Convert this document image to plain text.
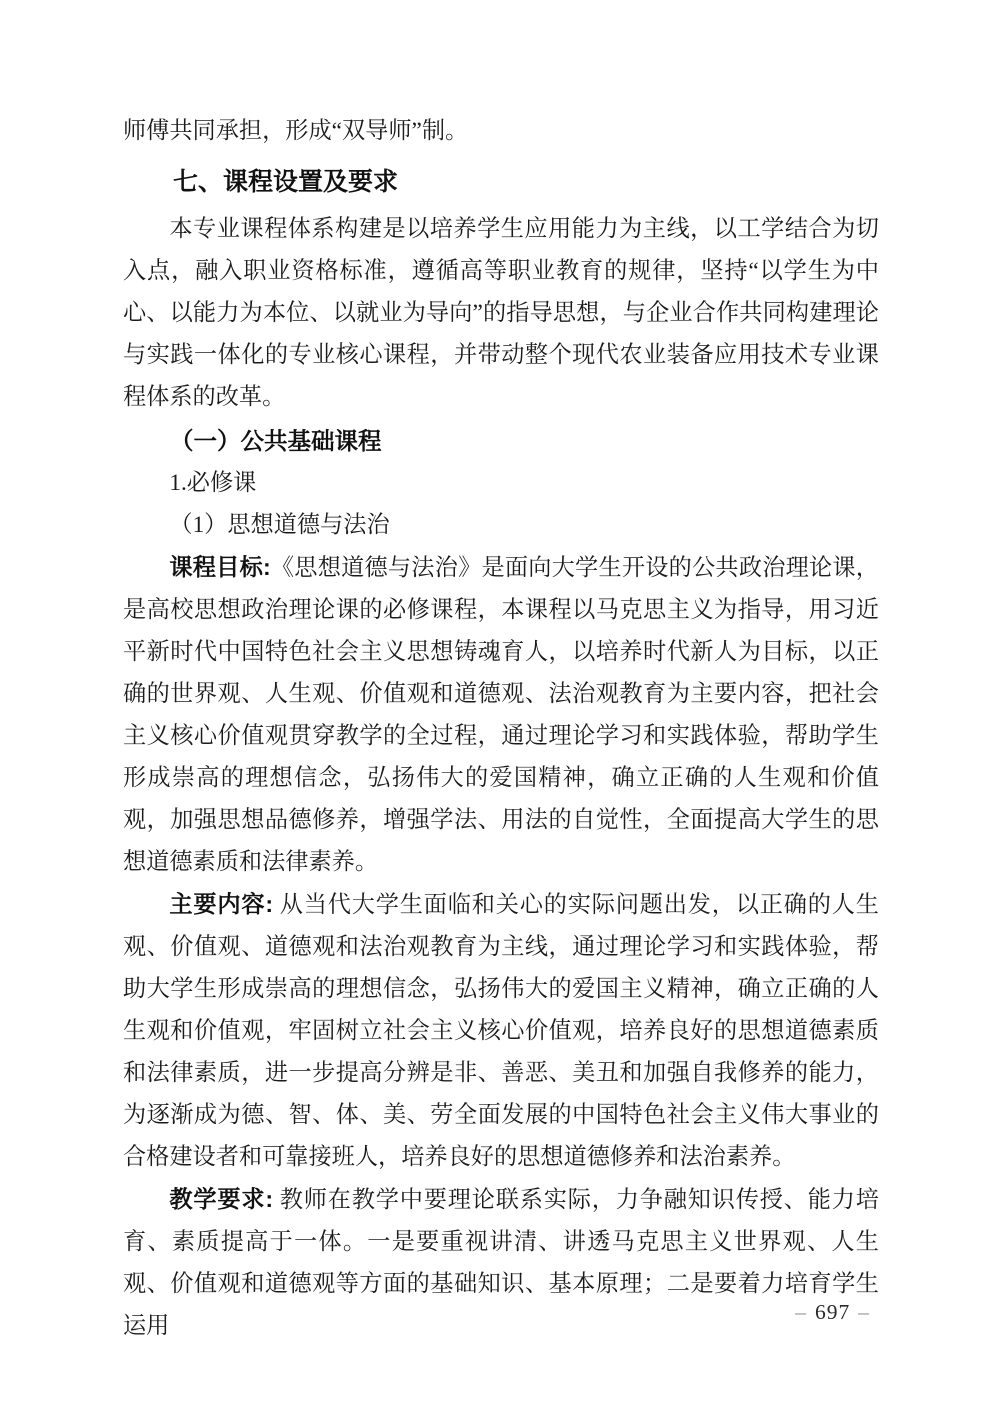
师傅共同承担，形成“双导师”制。

七、课程设置及要求

本专业课程体系构建是以培养学生应用能力为主线，以工学结合为切入点，融入职业资格标准，遵循高等职业教育的规律，坚持“以学生为中心、以能力为本位、以就业为导向”的指导思想，与企业合作共同构建理论与实践一体化的专业核心课程，并带动整个现代农业装备应用技术专业课程体系的改革。

（一）公共基础课程

1.必修课

（1）思想道德与法治

课程目标:《思想道德与法治》是面向大学生开设的公共政治理论课，是高校思想政治理论课的必修课程，本课程以马克思主义为指导，用习近平新时代中国特色社会主义思想铸魂育人，以培养时代新人为目标，以正确的世界观、人生观、价值观和道德观、法治观教育为主要内容，把社会主义核心价值观贯穿教学的全过程，通过理论学习和实践体验，帮助学生形成崇高的理想信念，弘扬伟大的爱国精神，确立正确的人生观和价值观，加强思想品德修养，增强学法、用法的自觉性，全面提高大学生的思想道德素质和法律素养。

主要内容: 从当代大学生面临和关心的实际问题出发，以正确的人生观、价值观、道德观和法治观教育为主线，通过理论学习和实践体验，帮助大学生形成崇高的理想信念，弘扬伟大的爱国主义精神，确立正确的人生观和价值观，牢固树立社会主义核心价值观，培养良好的思想道德素质和法律素质，进一步提高分辨是非、善恶、美丑和加强自我修养的能力，为逐渐成为德、智、体、美、劳全面发展的中国特色社会主义伟大事业的合格建设者和可靠接班人，培养良好的思想道德修养和法治素养。

教学要求: 教师在教学中要理论联系实际，力争融知识传授、能力培育、素质提高于一体。一是要重视讲清、讲透马克思主义世界观、人生观、价值观和道德观等方面的基础知识、基本原理；二是要着力培育学生运用

– 697 –
